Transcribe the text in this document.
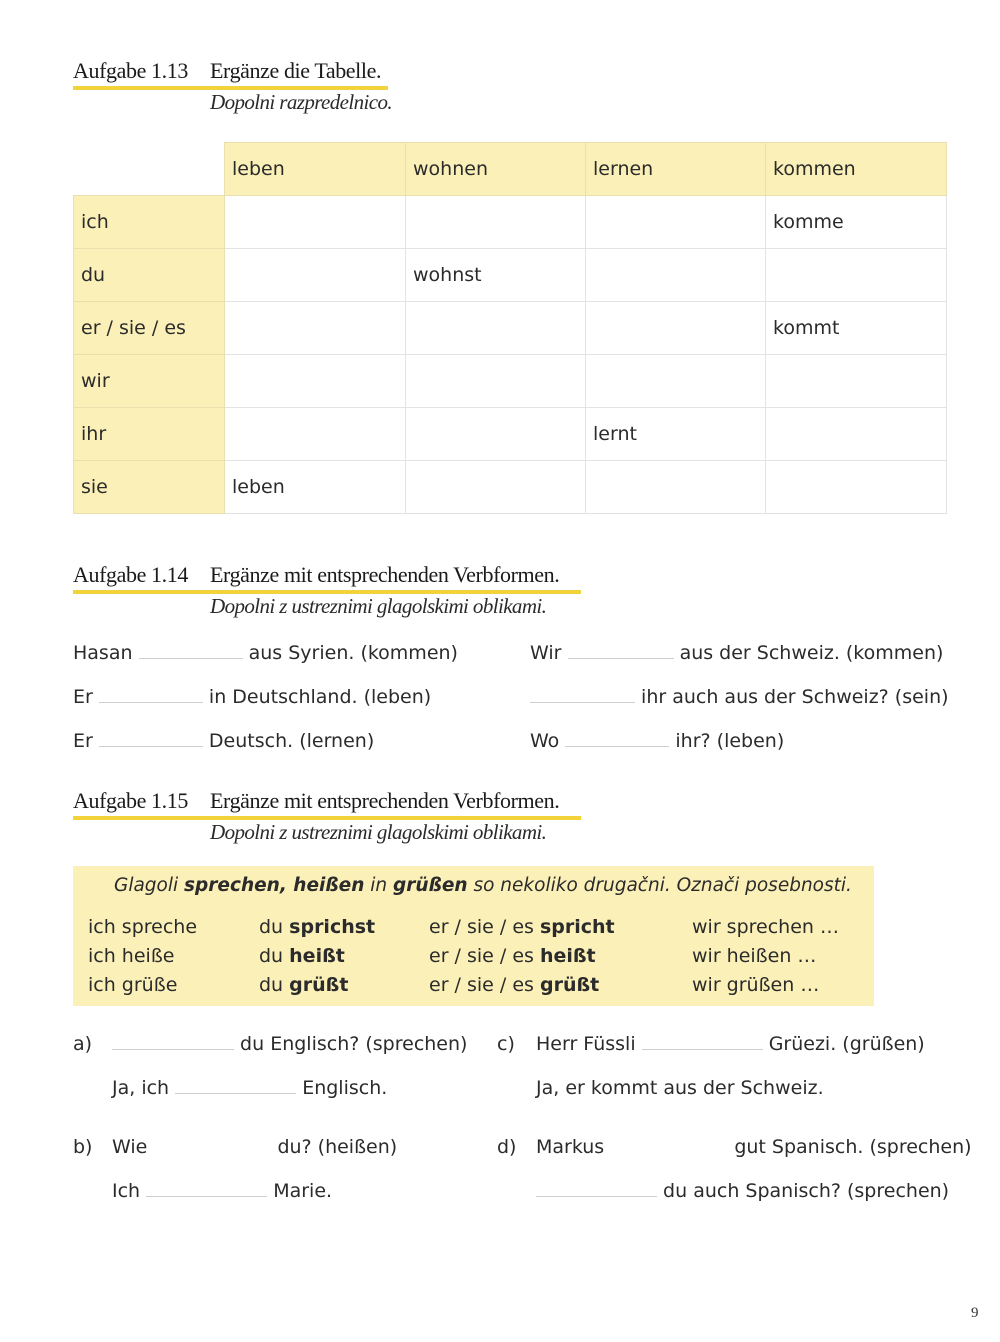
Aufgabe 1.13 Ergänze die Tabelle.
Dopolni razpredelnico.
	leben	wohnen	lernen	kommen
ich				komme
du		wohnst		
er / sie / es				kommt
wir				
ihr			lernt	
sie	leben			
Aufgabe 1.14 Ergänze mit entsprechenden Verbformen.
Dopolni z ustreznimi glagolskimi oblikami.
Hasan	aus Syrien. (kommen)	Wir	aus der Schweiz. (kommen)
Er	in Deutschland. (leben)	ihr auch aus der Schweiz? (sein)
Er	Deutsch. (lernen)	Wo	ihr? (leben)
Aufgabe 1.15 Ergänze mit entsprechenden Verbformen.
Dopolni z ustreznimi glagolskimi oblikami.
Glagoli sprechen, heißen in grüßen so nekoliko drugačni. Označi posebnosti.
ich spreche	du sprichst	er / sie / es spricht	wir sprechen …
ich heiße	du heißt	er / sie / es heißt	wir heißen …
ich grüße	du grüßt	er / sie / es grüßt	wir grüßen …
a)	du Englisch? (sprechen)
Ja, ich	Englisch.
c) Herr Füssli	Grüezi. (grüßen)
Ja, er kommt aus der Schweiz.
b) Wie	du? (heißen)
Ich	Marie.
d) Markus	gut Spanisch. (sprechen)
du auch Spanisch? (sprechen)
9
